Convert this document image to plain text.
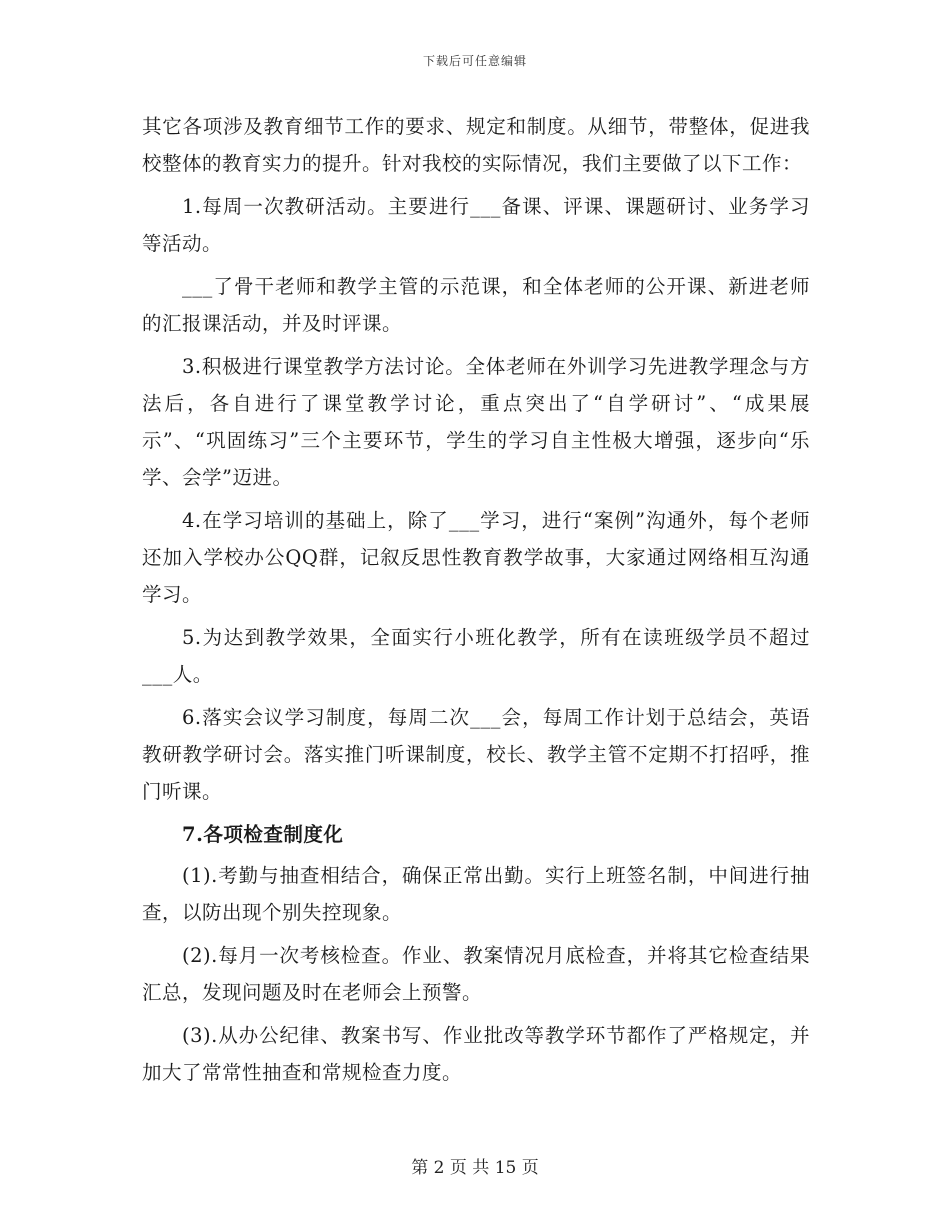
下载后可任意编辑

其它各项涉及教育细节工作的要求、规定和制度。从细节，带整体，促进我校整体的教育实力的提升。针对我校的实际情况，我们主要做了以下工作：

1.每周一次教研活动。主要进行___备课、评课、课题研讨、业务学习等活动。

___了骨干老师和教学主管的示范课，和全体老师的公开课、新进老师的汇报课活动，并及时评课。

3.积极进行课堂教学方法讨论。全体老师在外训学习先进教学理念与方法后，各自进行了课堂教学讨论，重点突出了“自学研讨”、“成果展示”、“巩固练习”三个主要环节，学生的学习自主性极大增强，逐步向“乐学、会学”迈进。

4.在学习培训的基础上，除了___学习，进行“案例”沟通外，每个老师还加入学校办公QQ群，记叙反思性教育教学故事，大家通过网络相互沟通学习。

5.为达到教学效果，全面实行小班化教学，所有在读班级学员不超过___人。

6.落实会议学习制度，每周二次___会，每周工作计划于总结会，英语教研教学研讨会。落实推门听课制度，校长、教学主管不定期不打招呼，推门听课。

7.各项检查制度化

(1).考勤与抽查相结合，确保正常出勤。实行上班签名制，中间进行抽查，以防出现个别失控现象。

(2).每月一次考核检查。作业、教案情况月底检查，并将其它检查结果汇总，发现问题及时在老师会上预警。

(3).从办公纪律、教案书写、作业批改等教学环节都作了严格规定，并加大了常常性抽查和常规检查力度。

第 2 页 共 15 页
